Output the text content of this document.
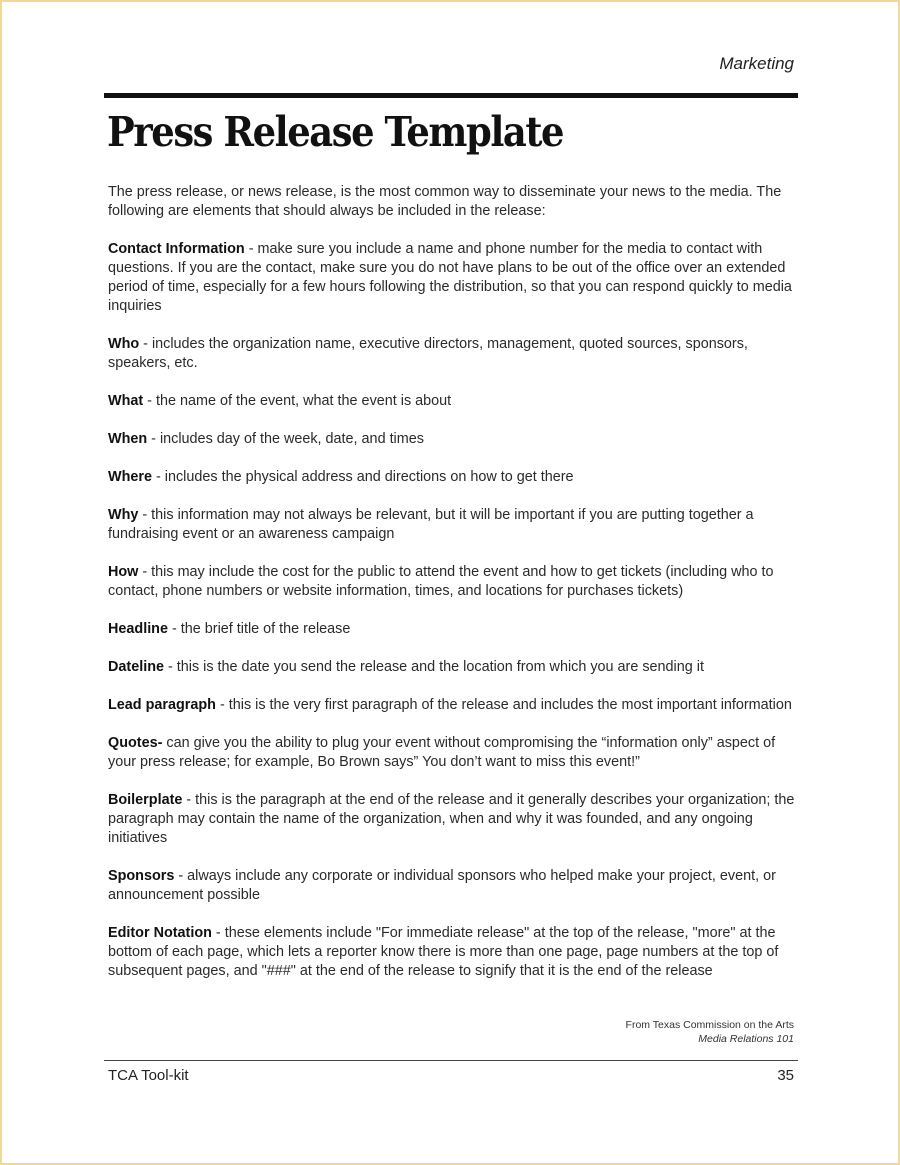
Marketing
Press Release Template

The press release, or news release, is the most common way to disseminate your news to the media. The following are elements that should always be included in the release:

Contact Information - make sure you include a name and phone number for the media to contact with questions. If you are the contact, make sure you do not have plans to be out of the office over an extended period of time, especially for a few hours following the distribution, so that you can respond quickly to media inquiries

Who - includes the organization name, executive directors, management, quoted sources, sponsors, speakers, etc.

What - the name of the event, what the event is about

When - includes day of the week, date, and times

Where - includes the physical address and directions on how to get there

Why - this information may not always be relevant, but it will be important if you are putting together a fundraising event or an awareness campaign

How - this may include the cost for the public to attend the event and how to get tickets (including who to contact, phone numbers or website information, times, and locations for purchases tickets)

Headline - the brief title of the release

Dateline - this is the date you send the release and the location from which you are sending it

Lead paragraph - this is the very first paragraph of the release and includes the most important information

Quotes- can give you the ability to plug your event without compromising the “information only” aspect of your press release; for example, Bo Brown says” You don’t want to miss this event!”

Boilerplate - this is the paragraph at the end of the release and it generally describes your organization; the paragraph may contain the name of the organization, when and why it was founded, and any ongoing initiatives

Sponsors - always include any corporate or individual sponsors who helped make your project, event, or announcement possible

Editor Notation - these elements include "For immediate release" at the top of the release, "more" at the bottom of each page, which lets a reporter know there is more than one page, page numbers at the top of subsequent pages, and "###" at the end of the release to signify that it is the end of the release

From Texas Commission on the Arts
Media Relations 101
TCA Tool-kit	35
